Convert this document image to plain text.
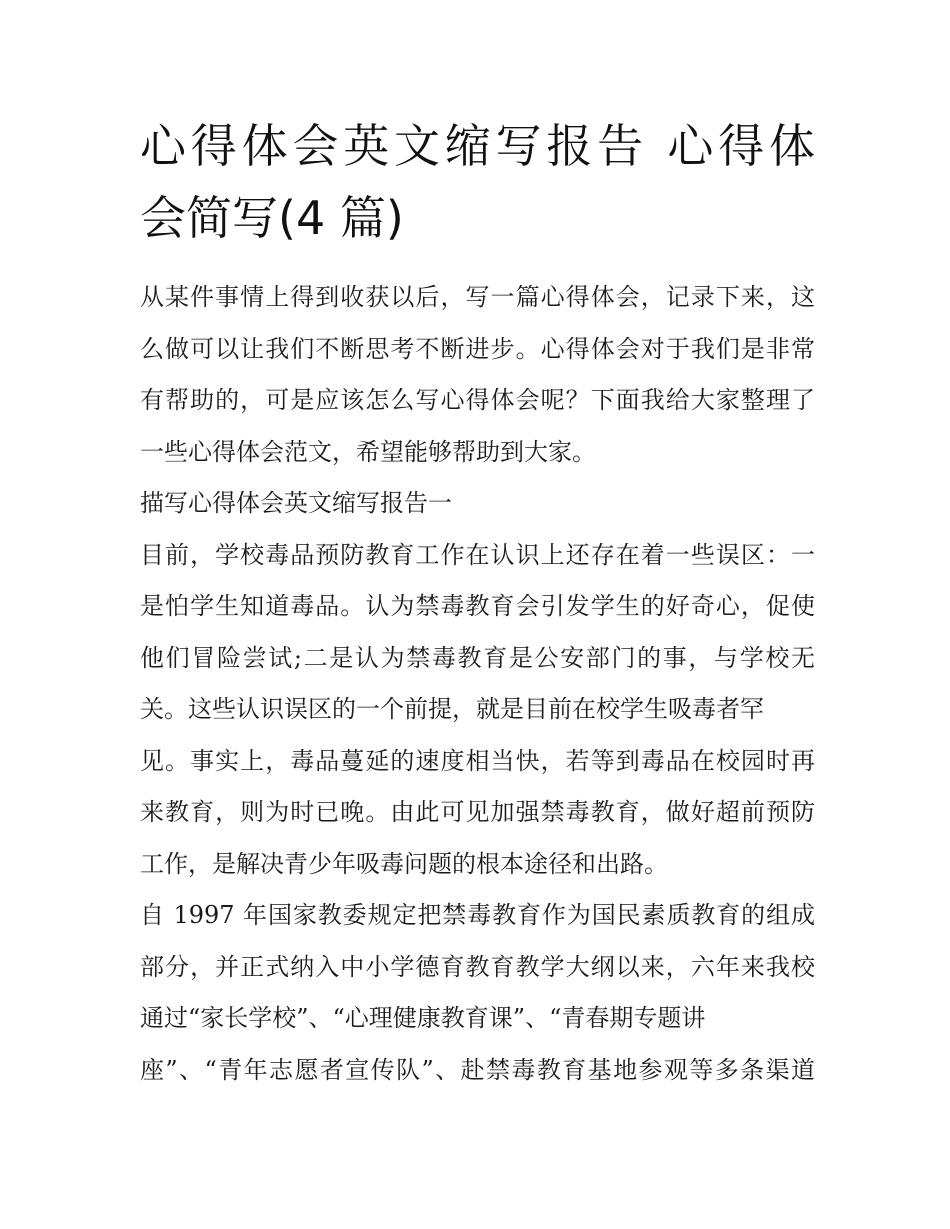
心得体会英文缩写报告 心得体
会简写(4 篇)

从某件事情上得到收获以后，写一篇心得体会，记录下来，这
么做可以让我们不断思考不断进步。心得体会对于我们是非常
有帮助的，可是应该怎么写心得体会呢？下面我给大家整理了
一些心得体会范文，希望能够帮助到大家。

描写心得体会英文缩写报告一

目前，学校毒品预防教育工作在认识上还存在着一些误区：一
是怕学生知道毒品。认为禁毒教育会引发学生的好奇心，促使
他们冒险尝试;二是认为禁毒教育是公安部门的事，与学校无
关。这些认识误区的一个前提，就是目前在校学生吸毒者罕
见。事实上，毒品蔓延的速度相当快，若等到毒品在校园时再
来教育，则为时已晚。由此可见加强禁毒教育，做好超前预防
工作，是解决青少年吸毒问题的根本途径和出路。

自 1997 年国家教委规定把禁毒教育作为国民素质教育的组成
部分，并正式纳入中小学德育教育教学大纲以来，六年来我校
通过“家长学校”、“心理健康教育课”、“青春期专题讲
座”、“青年志愿者宣传队”、赴禁毒教育基地参观等多条渠道
